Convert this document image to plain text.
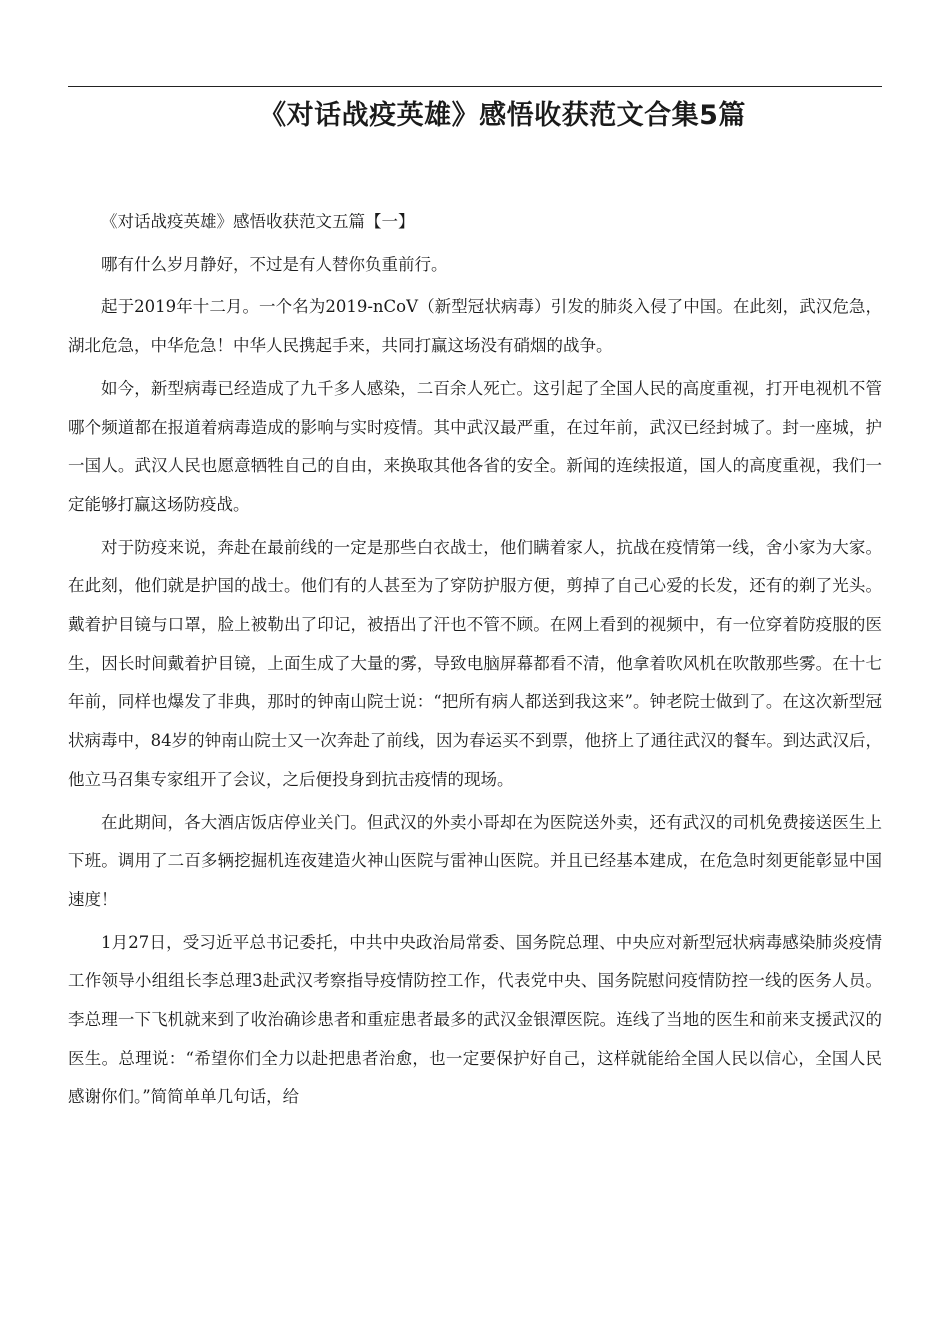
《对话战疫英雄》感悟收获范文合集5篇

《对话战疫英雄》感悟收获范文五篇【一】

哪有什么岁月静好，不过是有人替你负重前行。

起于2019年十二月。一个名为2019-nCoV（新型冠状病毒）引发的肺炎入侵了中国。在此刻，武汉危急，湖北危急，中华危急！中华人民携起手来，共同打赢这场没有硝烟的战争。

如今，新型病毒已经造成了九千多人感染，二百余人死亡。这引起了全国人民的高度重视，打开电视机不管哪个频道都在报道着病毒造成的影响与实时疫情。其中武汉最严重，在过年前，武汉已经封城了。封一座城，护一国人。武汉人民也愿意牺牲自己的自由，来换取其他各省的安全。新闻的连续报道，国人的高度重视，我们一定能够打赢这场防疫战。

对于防疫来说，奔赴在最前线的一定是那些白衣战士，他们瞒着家人，抗战在疫情第一线，舍小家为大家。在此刻，他们就是护国的战士。他们有的人甚至为了穿防护服方便，剪掉了自己心爱的长发，还有的剃了光头。戴着护目镜与口罩，脸上被勒出了印记，被捂出了汗也不管不顾。在网上看到的视频中，有一位穿着防疫服的医生，因长时间戴着护目镜，上面生成了大量的雾，导致电脑屏幕都看不清，他拿着吹风机在吹散那些雾。在十七年前，同样也爆发了非典，那时的钟南山院士说：“把所有病人都送到我这来”。钟老院士做到了。在这次新型冠状病毒中，84岁的钟南山院士又一次奔赴了前线，因为春运买不到票，他挤上了通往武汉的餐车。到达武汉后，他立马召集专家组开了会议，之后便投身到抗击疫情的现场。

在此期间，各大酒店饭店停业关门。但武汉的外卖小哥却在为医院送外卖，还有武汉的司机免费接送医生上下班。调用了二百多辆挖掘机连夜建造火神山医院与雷神山医院。并且已经基本建成，在危急时刻更能彰显中国速度！

1月27日，受习近平总书记委托，中共中央政治局常委、国务院总理、中央应对新型冠状病毒感染肺炎疫情工作领导小组组长李总理3赴武汉考察指导疫情防控工作，代表党中央、国务院慰问疫情防控一线的医务人员。李总理一下飞机就来到了收治确诊患者和重症患者最多的武汉金银潭医院。连线了当地的医生和前来支援武汉的医生。总理说：“希望你们全力以赴把患者治愈，也一定要保护好自己，这样就能给全国人民以信心，全国人民感谢你们。”简简单单几句话，给
